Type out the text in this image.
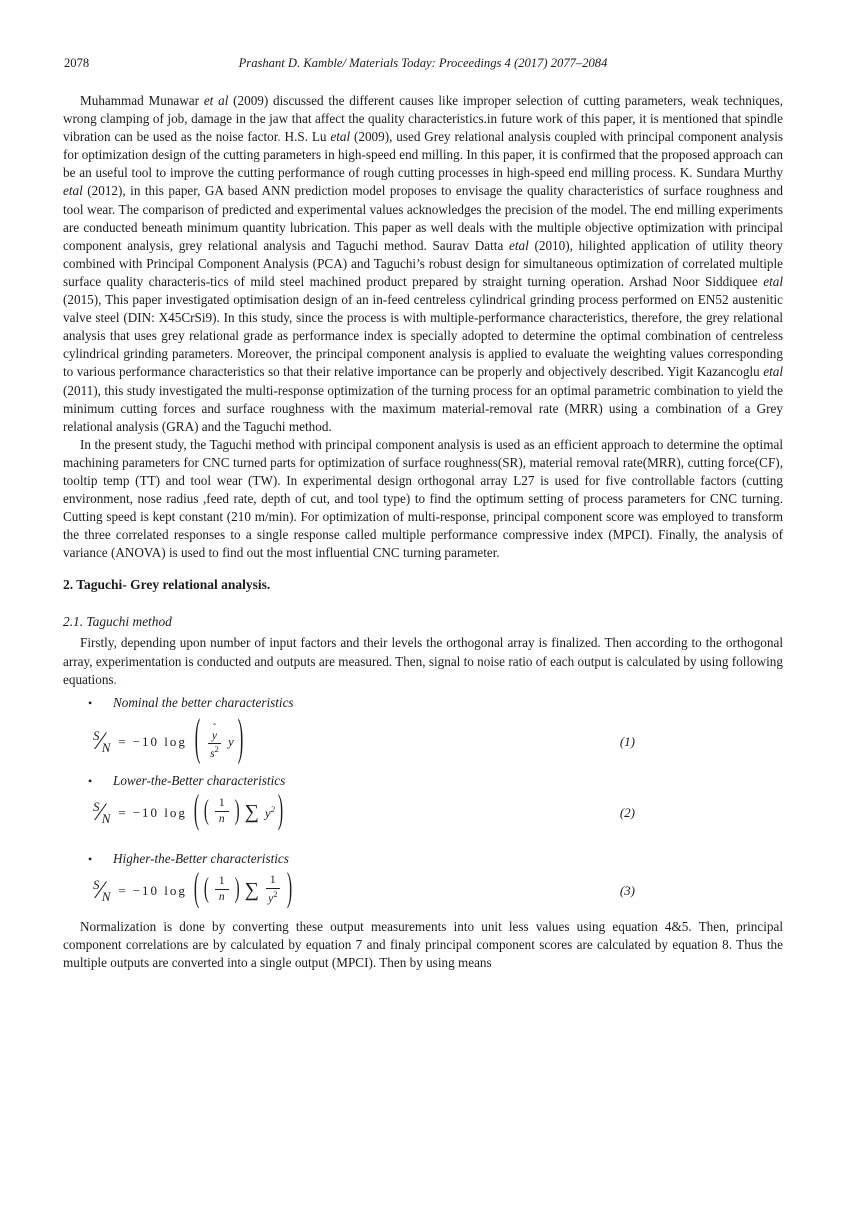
2078	Prashant D. Kamble/ Materials Today: Proceedings 4 (2017) 2077–2084

Muhammad Munawar et al (2009) discussed the different causes like improper selection of cutting parameters, weak techniques, wrong clamping of job, damage in the jaw that affect the quality characteristics.in future work of this paper, it is mentioned that spindle vibration can be used as the noise factor. H.S. Lu etal (2009), used Grey relational analysis coupled with principal component analysis for optimization design of the cutting parameters in high-speed end milling. In this paper, it is confirmed that the proposed approach can be an useful tool to improve the cutting performance of rough cutting processes in high-speed end milling process. K. Sundara Murthy etal (2012), in this paper, GA based ANN prediction model proposes to envisage the quality characteristics of surface roughness and tool wear. The comparison of predicted and experimental values acknowledges the precision of the model. The end milling experiments are conducted beneath minimum quantity lubrication. This paper as well deals with the multiple objective optimization with principal component analysis, grey relational analysis and Taguchi method. Saurav Datta etal (2010), hilighted application of utility theory combined with Principal Component Analysis (PCA) and Taguchi’s robust design for simultaneous optimization of correlated multiple surface quality characteris-tics of mild steel machined product prepared by straight turning operation. Arshad Noor Siddiquee etal (2015), This paper investigated optimisation design of an in-feed centreless cylindrical grinding process performed on EN52 austenitic valve steel (DIN: X45CrSi9). In this study, since the process is with multiple-performance characteristics, therefore, the grey relational analysis that uses grey relational grade as performance index is specially adopted to determine the optimal combination of centreless cylindrical grinding parameters. Moreover, the principal component analysis is applied to evaluate the weighting values corresponding to various performance characteristics so that their relative importance can be properly and objectively described. Yigit Kazancoglu etal (2011), this study investigated the multi-response optimization of the turning process for an optimal parametric combination to yield the minimum cutting forces and surface roughness with the maximum material-removal rate (MRR) using a combination of a Grey relational analysis (GRA) and the Taguchi method.

In the present study, the Taguchi method with principal component analysis is used as an efficient approach to determine the optimal machining parameters for CNC turned parts for optimization of surface roughness(SR), material removal rate(MRR), cutting force(CF), tooltip temp (TT) and tool wear (TW). In experimental design orthogonal array L27 is used for five controllable factors (cutting environment, nose radius ,feed rate, depth of cut, and tool type) to find the optimum setting of process parameters for CNC turning. Cutting speed is kept constant (210 m/min). For optimization of multi-response, principal component score was employed to transform the three correlated responses to a single response called multiple performance compressive index (MPCI). Finally, the analysis of variance (ANOVA) is used to find out the most influential CNC turning parameter.

2. Taguchi- Grey relational analysis.
2.1. Taguchi method

Firstly, depending upon number of input factors and their levels the orthogonal array is finalized. Then according to the orthogonal array, experimentation is conducted and outputs are measured. Then, signal to noise ratio of each output is calculated by using following equations.

•	Nominal the better characteristics
S ⁄ N = −10 log ( ˆ
y
$s^2$ y )	(1)
•	Lower-the-Better characteristics
S ⁄ N = −10 log ( ( $\frac{1}{n}$ ) ∑ $y^2$ )	(2)
•	Higher-the-Better characteristics
S ⁄ N = −10 log ( ( $\frac{1}{n}$ ) ∑ $\frac{1}{y^2}$ )	(3)

Normalization is done by converting these output measurements into unit less values using equation 4&5. Then, principal component correlations are by calculated by equation 7 and finaly principal component scores are calculated by equation 8. Thus the multiple outputs are converted into a single output (MPCI). Then by using means
